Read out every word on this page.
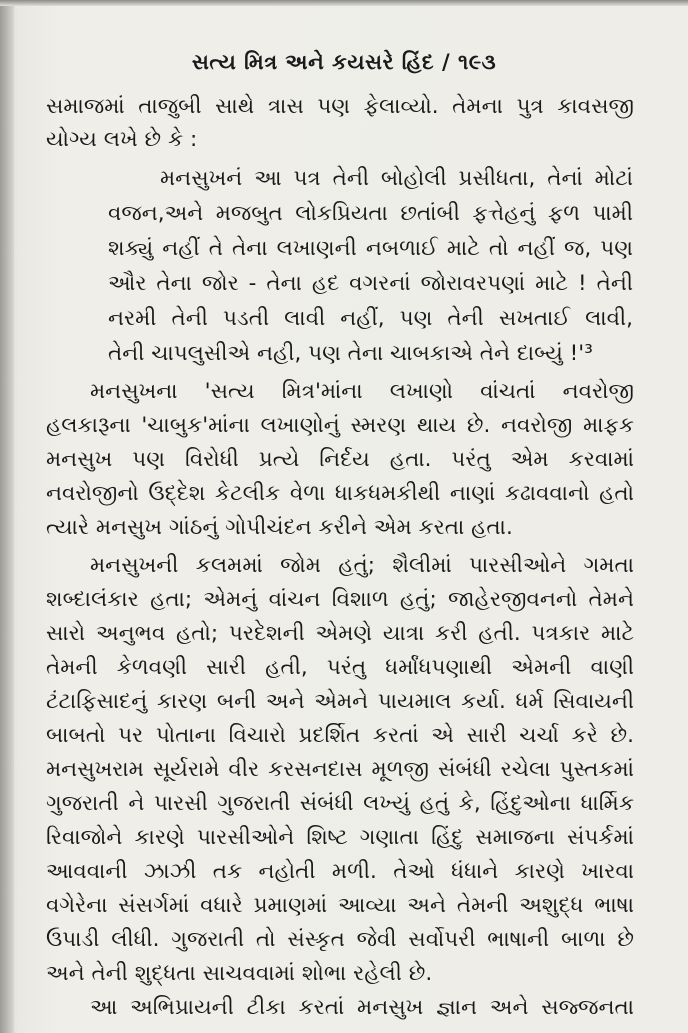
સત્ય મિત્ર અને કયસરે હિંદ / ૧૯૩
સમાજમાં તાજુબી સાથે ત્રાસ પણ ફેલાવ્યો. તેમના પુત્ર કાવસજી
યોગ્ય લખે છે કે :
મનસુખનં આ પત્ર તેની બોહોલી પ્રસીધતા, તેનાં મોટાં
વજન,અને મજબુત લોકપ્રિયતા છતાંબી ફત્તેહનું ફળ પામી
શક્યું નહીં તે તેના લખાણની નબળાઈ માટે તો નહીં જ, પણ
ઔર તેના જોર - તેના હદ વગરનાં જોરાવરપણાં માટે ! તેની
નરમી તેની પડતી લાવી નહીં, પણ તેની સખતાઈ લાવી,
તેની ચાપલુસીએ નહી, પણ તેના ચાબકાએ તેને દાબ્યું !'³
મનસુખના 'સત્ય મિત્ર'માંના લખાણો વાંચતાં નવરોજી
હલકારૂના 'ચાબુક'માંના લખાણોનું સ્મરણ થાય છે. નવરોજી માફક
મનસુખ પણ વિરોધી પ્રત્યે નિર્દય હતા. પરંતુ એમ કરવામાં
નવરોજીનો ઉદ્દેશ કેટલીક વેળા ધાકધમકીથી નાણાં કઢાવવાનો હતો
ત્યારે મનસુખ ગાંઠનું ગોપીચંદન કરીને એમ કરતા હતા.
મનસુખની કલમમાં જોમ હતું; શૈલીમાં પારસીઓને ગમતા
શબ્દાલંકાર હતા; એમનું વાંચન વિશાળ હતું; જાહેરજીવનનો તેમને
સારો અનુભવ હતો; પરદેશની એમણે યાત્રા કરી હતી. પત્રકાર માટે
તેમની કેળવણી સારી હતી, પરંતુ ધર્માંધપણાથી એમની વાણી
ટંટાફિસાદનું કારણ બની અને એમને પાયમાલ કર્યા. ધર્મ સિવાયની
બાબતો પર પોતાના વિચારો પ્રદર્શિત કરતાં એ સારી ચર્ચા કરે છે.
મનસુખરામ સૂર્યરામે વીર કરસનદાસ મૂળજી સંબંધી રચેલા પુસ્તકમાં
ગુજરાતી ને પારસી ગુજરાતી સંબંધી લખ્યું હતું કે, હિંદુઓના ધાર્મિક
રિવાજોને કારણે પારસીઓને શિષ્ટ ગણાતા હિંદુ સમાજના સંપર્કમાં
આવવાની ઝાઝી તક નહોતી મળી. તેઓ ધંધાને કારણે ખારવા
વગેરેના સંસર્ગમાં વધારે પ્રમાણમાં આવ્યા અને તેમની અશુદ્ધ ભાષા
ઉપાડી લીધી. ગુજરાતી તો સંસ્કૃત જેવી સર્વોપરી ભાષાની બાળા છે
અને તેની શુદ્ધતા સાચવવામાં શોભા રહેલી છે.
આ અભિપ્રાયની ટીકા કરતાં મનસુખ જ્ઞાન અને સજ્જનતા
